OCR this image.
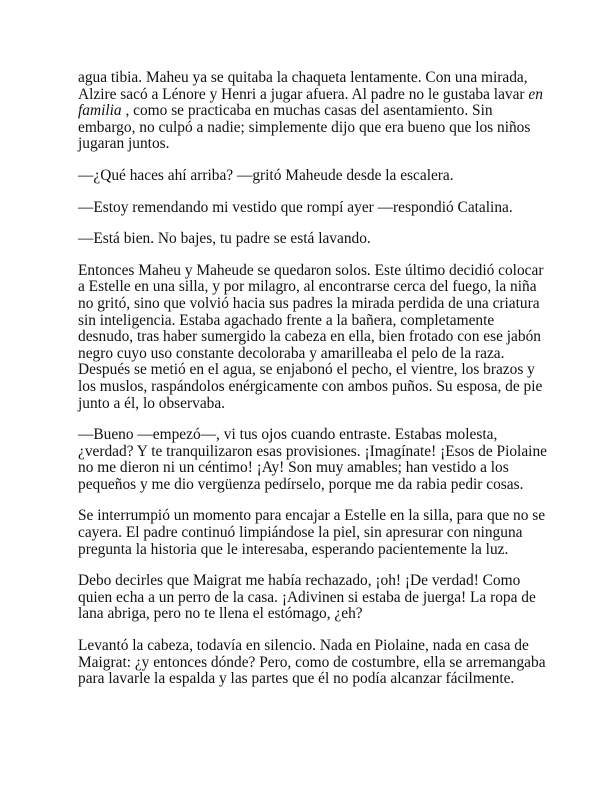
agua tibia. Maheu ya se quitaba la chaqueta lentamente. Con una mirada,
Alzire sacó a Lénore y Henri a jugar afuera. Al padre no le gustaba lavar en
familia , como se practicaba en muchas casas del asentamiento. Sin
embargo, no culpó a nadie; simplemente dijo que era bueno que los niños
jugaran juntos.

—¿Qué haces ahí arriba? —gritó Maheude desde la escalera.

—Estoy remendando mi vestido que rompí ayer —respondió Catalina.

—Está bien. No bajes, tu padre se está lavando.

Entonces Maheu y Maheude se quedaron solos. Este último decidió colocar
a Estelle en una silla, y por milagro, al encontrarse cerca del fuego, la niña
no gritó, sino que volvió hacia sus padres la mirada perdida de una criatura
sin inteligencia. Estaba agachado frente a la bañera, completamente
desnudo, tras haber sumergido la cabeza en ella, bien frotado con ese jabón
negro cuyo uso constante decoloraba y amarilleaba el pelo de la raza.
Después se metió en el agua, se enjabonó el pecho, el vientre, los brazos y
los muslos, raspándolos enérgicamente con ambos puños. Su esposa, de pie
junto a él, lo observaba.

—Bueno —empezó—, vi tus ojos cuando entraste. Estabas molesta,
¿verdad? Y te tranquilizaron esas provisiones. ¡Imagínate! ¡Esos de Piolaine
no me dieron ni un céntimo! ¡Ay! Son muy amables; han vestido a los
pequeños y me dio vergüenza pedírselo, porque me da rabia pedir cosas.

Se interrumpió un momento para encajar a Estelle en la silla, para que no se
cayera. El padre continuó limpiándose la piel, sin apresurar con ninguna
pregunta la historia que le interesaba, esperando pacientemente la luz.

Debo decirles que Maigrat me había rechazado, ¡oh! ¡De verdad! Como
quien echa a un perro de la casa. ¡Adivinen si estaba de juerga! La ropa de
lana abriga, pero no te llena el estómago, ¿eh?

Levantó la cabeza, todavía en silencio. Nada en Piolaine, nada en casa de
Maigrat: ¿y entonces dónde? Pero, como de costumbre, ella se arremangaba
para lavarle la espalda y las partes que él no podía alcanzar fácilmente.
